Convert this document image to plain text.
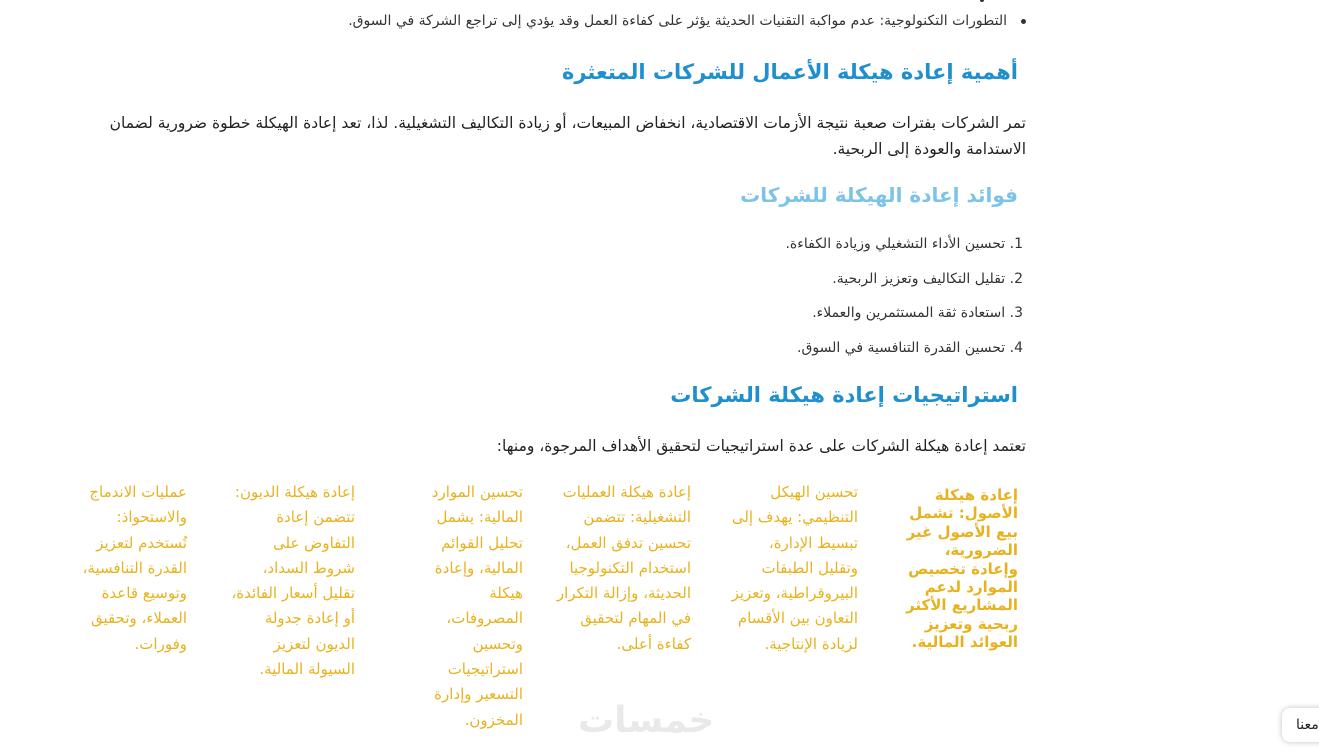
التطورات التكنولوجية: عدم مواكبة التقنيات الحديثة يؤثر على كفاءة العمل وقد يؤدي إلى تراجع الشركة في السوق.
أهمية إعادة هيكلة الأعمال للشركات المتعثرة

تمر الشركات بفترات صعبة نتيجة الأزمات الاقتصادية، انخفاض المبيعات، أو زيادة التكاليف التشغيلية. لذا، تعد إعادة الهيكلة خطوة ضرورية لضمان الاستدامة والعودة إلى الربحية.

فوائد إعادة الهيكلة للشركات
1. تحسين الأداء التشغيلي وزيادة الكفاءة.
2. تقليل التكاليف وتعزيز الربحية.
3. استعادة ثقة المستثمرين والعملاء.
4. تحسين القدرة التنافسية في السوق.
استراتيجيات إعادة هيكلة الشركات

تعتمد إعادة هيكلة الشركات على عدة استراتيجيات لتحقيق الأهداف المرجوة، ومنها:

إعادة هيكلة الأصول: تشمل بيع الأصول غير الضرورية، وإعادة تخصيص الموارد لدعم المشاريع الأكثر ربحية وتعزيز العوائد المالية.
تحسين الهيكل التنظيمي: يهدف إلى تبسيط الإدارة، وتقليل الطبقات البيروقراطية، وتعزيز التعاون بين الأقسام لزيادة الإنتاجية.
إعادة هيكلة العمليات التشغيلية: تتضمن تحسين تدفق العمل، استخدام التكنولوجيا الحديثة، وإزالة التكرار في المهام لتحقيق كفاءة أعلى.
تحسين الموارد المالية: يشمل تحليل القوائم المالية، وإعادة هيكلة المصروفات، وتحسين استراتيجيات التسعير وإدارة المخزون.
إعادة هيكلة الديون: تتضمن إعادة التفاوض على شروط السداد، تقليل أسعار الفائدة، أو إعادة جدولة الديون لتعزيز السيولة المالية.
عمليات الاندماج والاستحواذ: تُستخدم لتعزيز القدرة التنافسية، وتوسيع قاعدة العملاء، وتحقيق وفورات.
خمسات	معنا
